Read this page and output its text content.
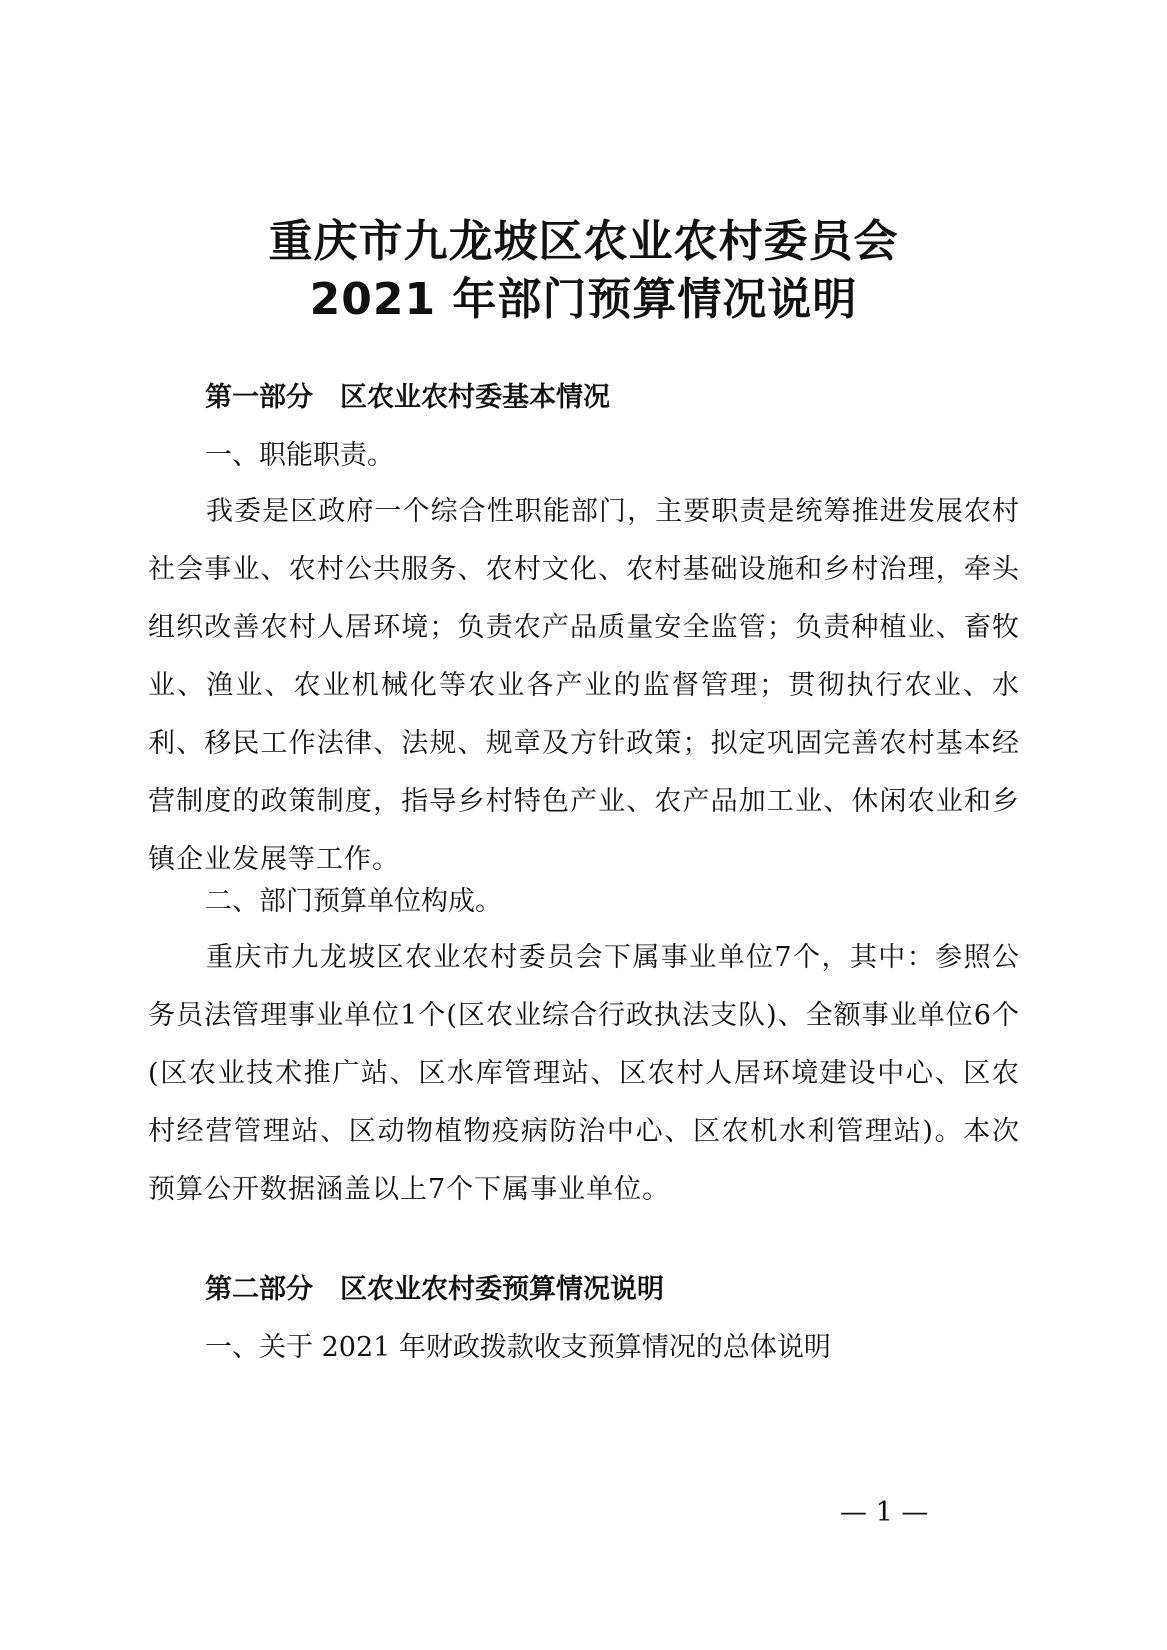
重庆市九龙坡区农业农村委员会
2021 年部门预算情况说明
第一部分　区农业农村委基本情况
一、职能职责。
我委是区政府一个综合性职能部门，主要职责是统筹推进发展农村社会事业、农村公共服务、农村文化、农村基础设施和乡村治理，牵头组织改善农村人居环境；负责农产品质量安全监管；负责种植业、畜牧业、渔业、农业机械化等农业各产业的监督管理；贯彻执行农业、水利、移民工作法律、法规、规章及方针政策；拟定巩固完善农村基本经营制度的政策制度，指导乡村特色产业、农产品加工业、休闲农业和乡镇企业发展等工作。
二、部门预算单位构成。
重庆市九龙坡区农业农村委员会下属事业单位7个，其中：参照公务员法管理事业单位1个(区农业综合行政执法支队)、全额事业单位6个(区农业技术推广站、区水库管理站、区农村人居环境建设中心、区农村经营管理站、区动物植物疫病防治中心、区农机水利管理站)。本次预算公开数据涵盖以上7个下属事业单位。
第二部分　区农业农村委预算情况说明
一、关于 2021 年财政拨款收支预算情况的总体说明
— 1 —
